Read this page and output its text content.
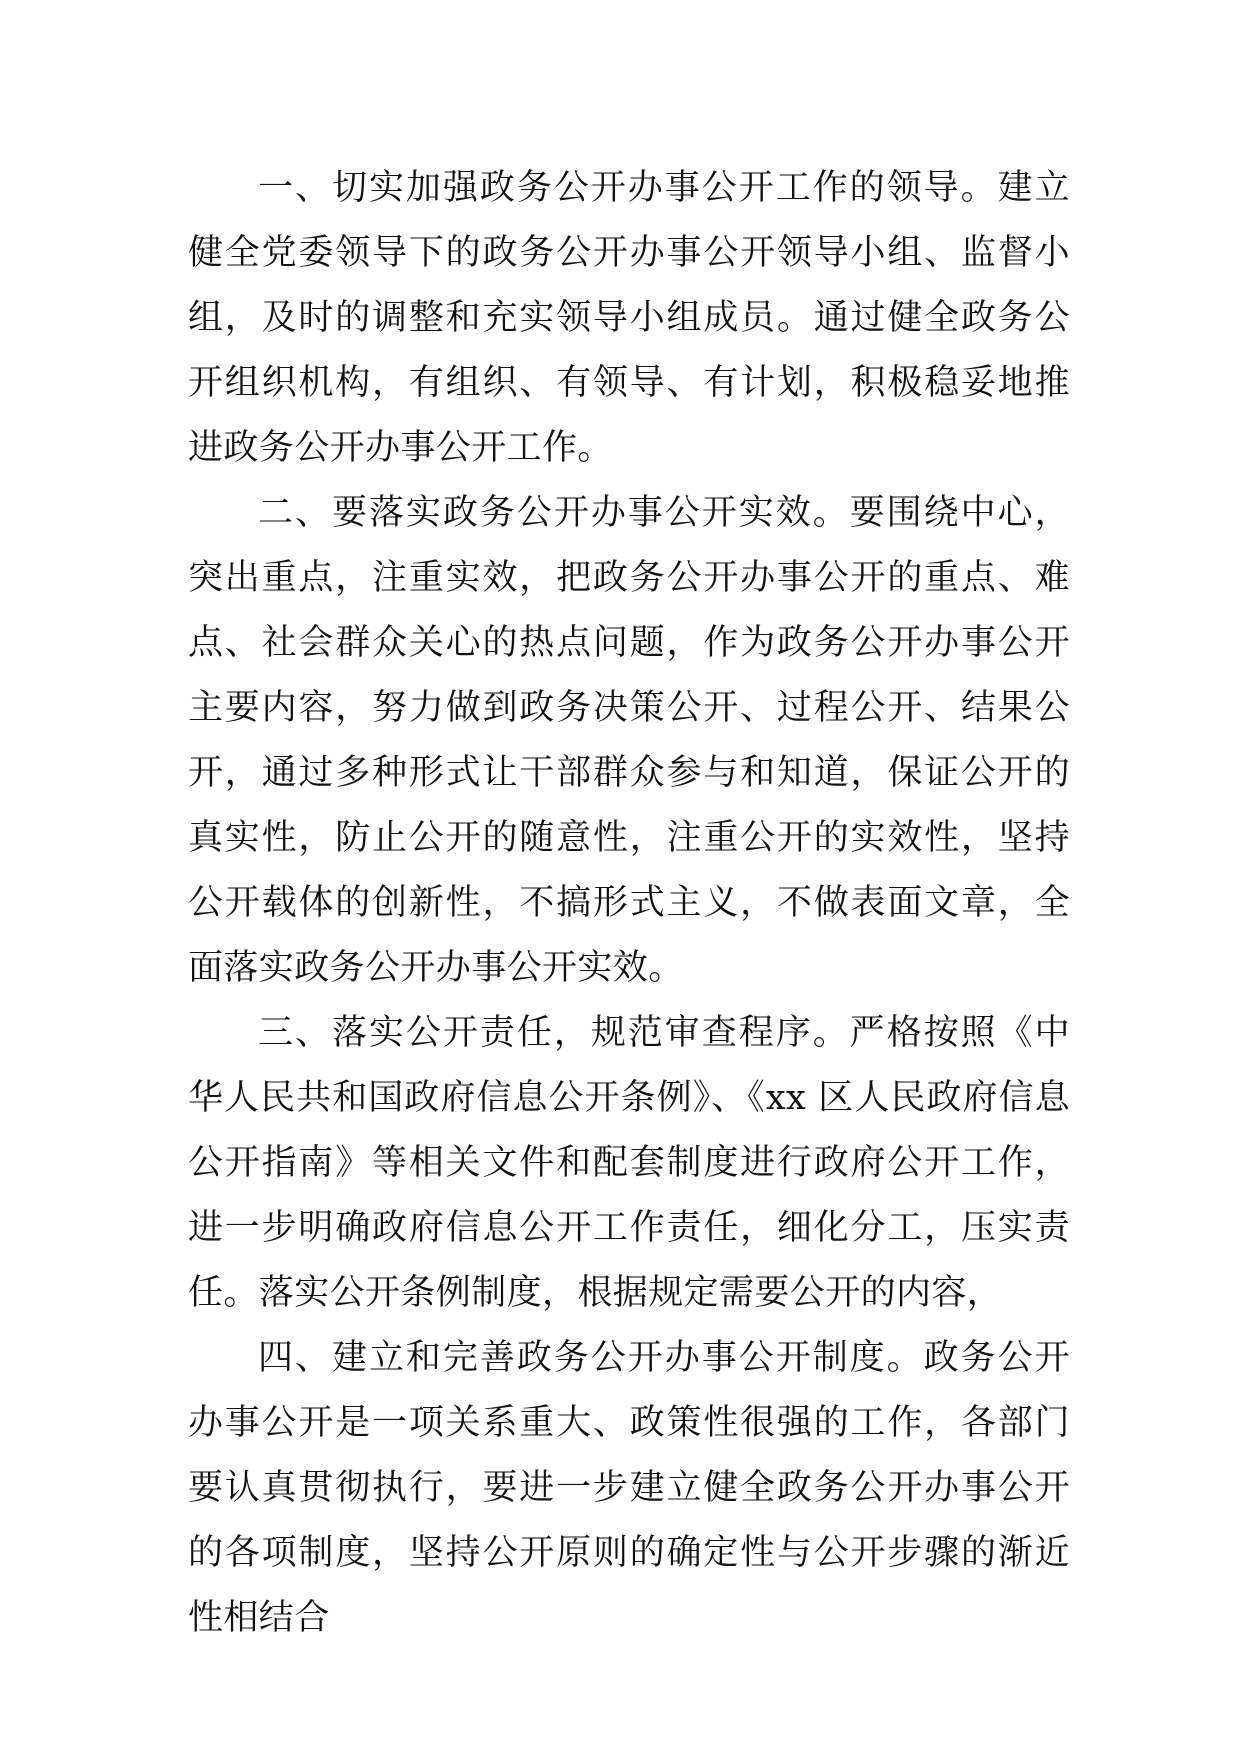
一、切实加强政务公开办事公开工作的领导。建立健全党委领导下的政务公开办事公开领导小组、监督小组，及时的调整和充实领导小组成员。通过健全政务公开组织机构，有组织、有领导、有计划，积极稳妥地推进政务公开办事公开工作。

二、要落实政务公开办事公开实效。要围绕中心，突出重点，注重实效，把政务公开办事公开的重点、难点、社会群众关心的热点问题，作为政务公开办事公开主要内容，努力做到政务决策公开、过程公开、结果公开，通过多种形式让干部群众参与和知道，保证公开的真实性，防止公开的随意性，注重公开的实效性，坚持公开载体的创新性，不搞形式主义，不做表面文章，全面落实政务公开办事公开实效。

三、落实公开责任，规范审查程序。严格按照《中华人民共和国政府信息公开条例》、《xx 区人民政府信息公开指南》等相关文件和配套制度进行政府公开工作，进一步明确政府信息公开工作责任，细化分工，压实责任。落实公开条例制度，根据规定需要公开的内容，

四、建立和完善政务公开办事公开制度。政务公开办事公开是一项关系重大、政策性很强的工作，各部门要认真贯彻执行，要进一步建立健全政务公开办事公开的各项制度，坚持公开原则的确定性与公开步骤的渐近性相结合
